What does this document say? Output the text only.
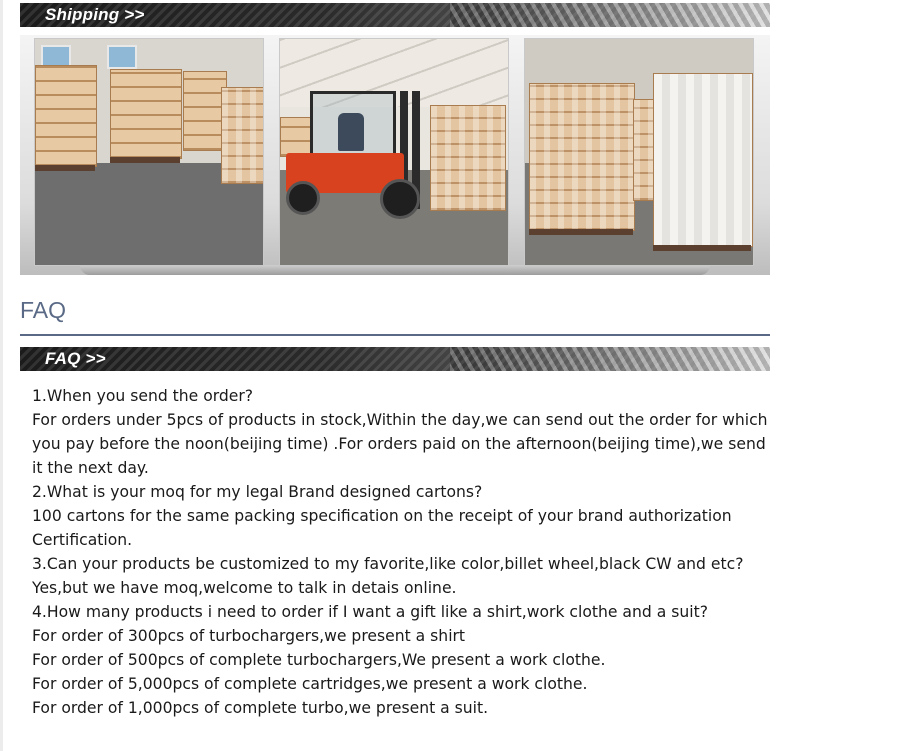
Shipping >>
FAQ
FAQ >>
1.When you send the order?
For orders under 5pcs of products in stock,Within the day,we can send out the order for which you pay before the noon(beijing time) .For orders paid on the afternoon(beijing time),we send it the next day.
2.What is your moq for my legal Brand designed cartons?
100 cartons for the same packing specification on the receipt of your brand authorization Certification.
3.Can your products be customized to my favorite,like color,billet wheel,black CW and etc?
Yes,but we have moq,welcome to talk in detais online.
4.How many products i need to order if I want a gift like a shirt,work clothe and a suit?
For order of 300pcs of turbochargers,we present a shirt
For order of 500pcs of complete turbochargers,We present a work clothe.
For order of 5,000pcs of complete cartridges,we present a work clothe.
For order of 1,000pcs of complete turbo,we present a suit.
